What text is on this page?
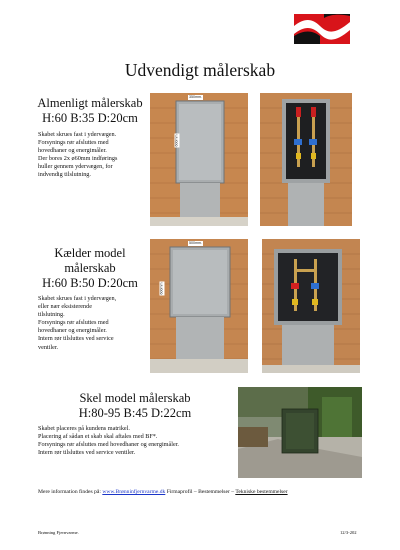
Udvendigt målerskab
Almenligt målerskab
H:60 B:35 D:20cm
Skabet skrues fast i ydervægen.
Forsynings rør afsluttes med
hovedhaner og energimåler.
Der bores 2x ø60mm indførings
huller gennem ydervægen, for
indvendig tilslutning.
350mm.
600mm
Kælder model
målerskab
H:60 B:50 D:20cm
Skabet skrues fast i ydervægen,
eller nær eksisterende
tilslutning.
Forsynings rør afsluttes med
hovedhaner og energimåler.
Intern rør tilsluttes ved service
ventiler.
500mm.
600mm
Skel model målerskab
H:80-95 B:45 D:22cm
Skabet placeres på kundens matrikel.
Placering af sådan et skab skal aftales med BF*.
Forsynings rør afsluttes med hovedhaner og energimåler.
Intern rør tilsluttes ved service ventiler.
Mere information findes på: www.Brønninfjernvarme.dk Firmaprofil – Bestemmelser – Tekniske bestemmelser
Brønning Fjernvarme.	12/3-202
